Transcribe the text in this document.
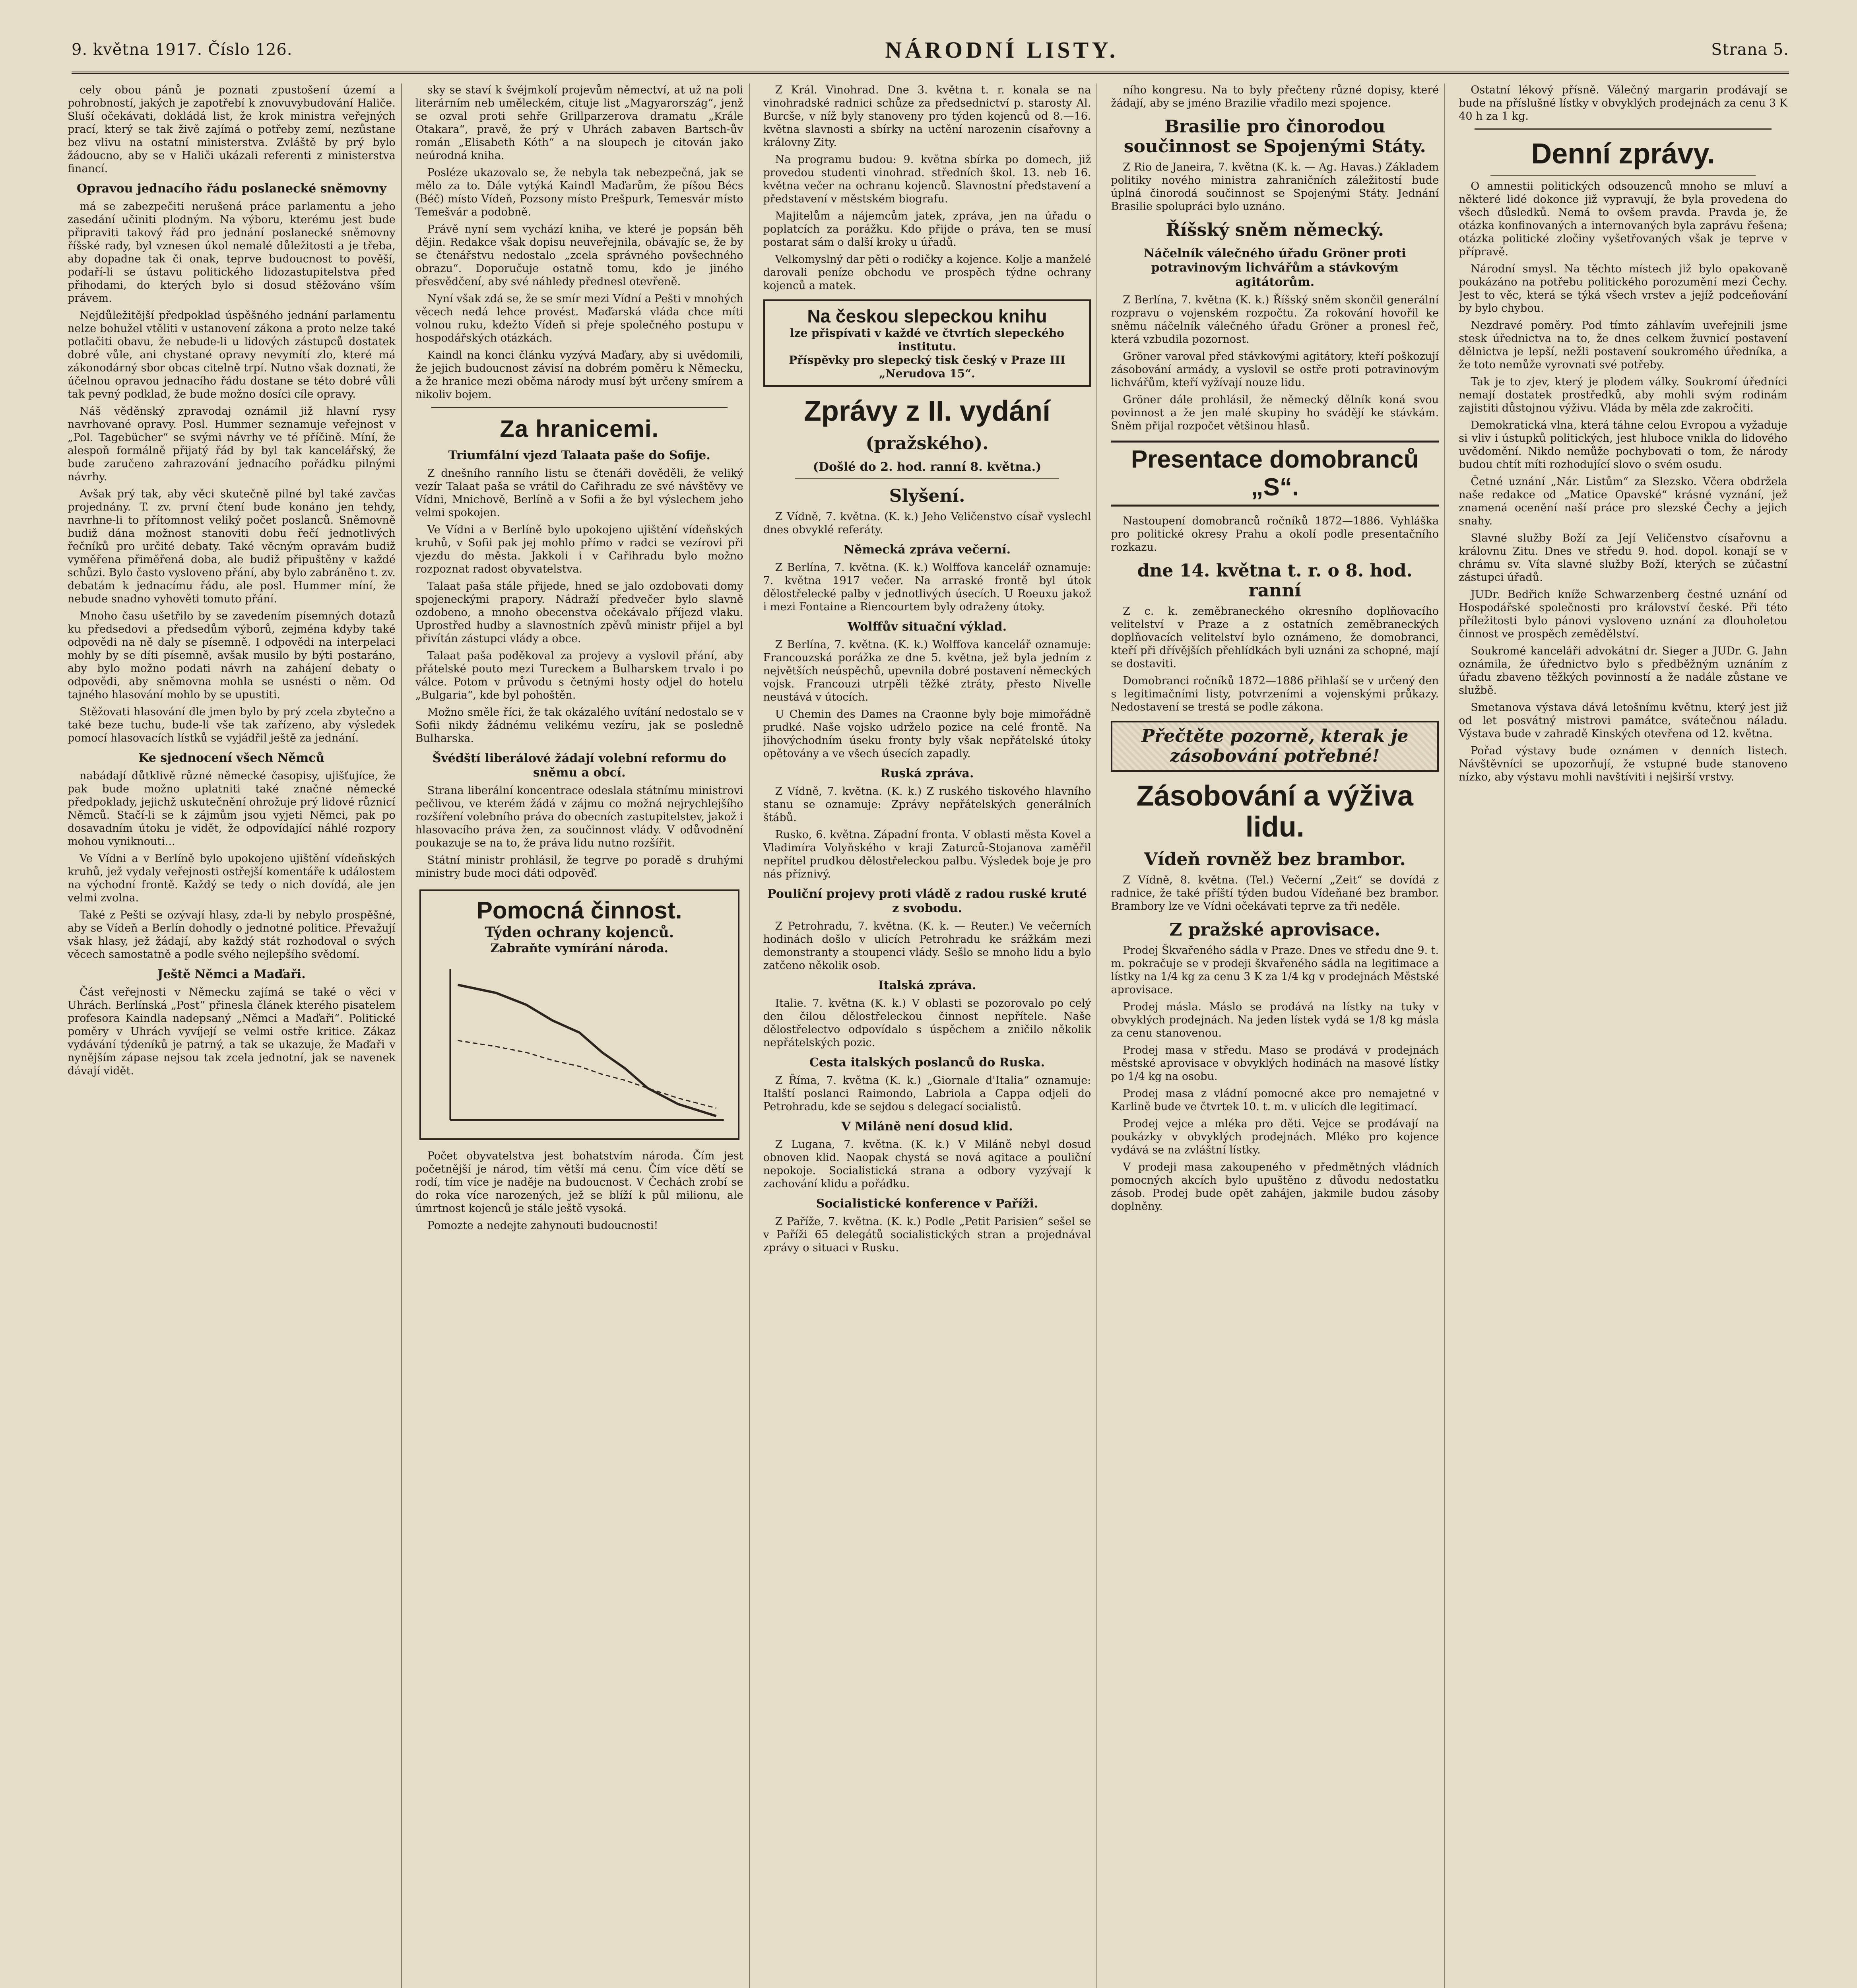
9. května 1917. Číslo 126.	NÁRODNÍ LISTY.	Strana 5.

cely obou pánů je poznati zpustošení území a pohrobností, jakých je zapotřebí k znovuvybudování Haliče. Sluší očekávati, dokládá list, že krok ministra veřejných prací, který se tak živě zajímá o potřeby zemí, nezůstane bez vlivu na ostatní ministerstva. Zvláště by prý bylo žádoucno, aby se v Haliči ukázali referenti z ministerstva financí.

Opravou jednacího řádu poslanecké sněmovny

má se zabezpečiti nerušená práce parlamentu a jeho zasedání učiniti plodným. Na výboru, kterému jest bude připraviti takový řád pro jednání poslanecké sněmovny říšské rady, byl vznesen úkol nemalé důležitosti a je třeba, aby dopadne tak či onak, teprve budoucnost to pověší, podaří-li se ústavu politického lidozastupitelstva před přihodami, do kterých bylo si dosud stěžováno vším právem.

Nejdůležitější předpoklad úspěšného jednání parlamentu nelze bohužel vtěliti v ustanovení zákona a proto nelze také potlačiti obavu, že nebude-li u lidových zástupců dostatek dobré vůle, ani chystané opravy nevymítí zlo, které má zákonodárný sbor obcas citelně trpí. Nutno však doznati, že účelnou opravou jednacího řádu dostane se této dobré vůli tak pevný podklad, že bude možno dosíci cíle opravy.

Náš věděnský zpravodaj oznámil již hlavní rysy navrhované opravy. Posl. Hummer seznamuje veřejnost v „Pol. Tagebücher“ se svými návrhy ve té příčině. Míní, že alespoň formálně přijatý řád by byl tak kancelářský, že bude zaručeno zahrazování jednacího pořádku pilnými návrhy.

Avšak prý tak, aby věci skutečně pilné byl také zavčas projednány. T. zv. první čtení bude konáno jen tehdy, navrhne-li to přítomnost veliký počet poslanců. Sněmovně budiž dána možnost stanoviti dobu řečí jednotlivých řečníků pro určité debaty. Také věcným opravám budiž vyměřena přiměřená doba, ale budiž připuštěny v každé schůzi. Bylo často vysloveno přání, aby bylo zabráněno t. zv. debatám k jednacímu řádu, ale posl. Hummer míní, že nebude snadno vyhověti tomuto přání.

Mnoho času ušetřilo by se zavedením písemných dotazů ku předsedovi a předsedům výborů, zejména kdyby také odpovědi na ně daly se písemně. I odpovědi na interpelaci mohly by se díti písemně, avšak musilo by býti postaráno, aby bylo možno podati návrh na zahájení debaty o odpovědi, aby sněmovna mohla se usnésti o něm. Od tajného hlasování mohlo by se upustiti.

Stěžovati hlasování dle jmen bylo by prý zcela zbytečno a také beze tuchu, bude-li vše tak zařízeno, aby výsledek pomocí hlasovacích lístků se vyjádřil ještě za jednání.

Ke sjednocení všech Němců

nabádají důtklivě různé německé časopisy, ujišťujíce, že pak bude možno uplatniti také značné německé předpoklady, jejichž uskutečnění ohrožuje prý lidové různicí Němců. Stačí-li se k zájmům jsou vyjeti Němci, pak po dosavadním útoku je vidět, že odpovídající náhlé rozpory mohou vyniknouti...

Ve Vídni a v Berlíně bylo upokojeno ujištění vídeňských kruhů, jež vydaly veřejnosti ostřejší komentáře k událostem na východní frontě. Každý se tedy o nich dovídá, ale jen velmi zvolna.

Také z Pešti se ozývají hlasy, zda-li by nebylo prospěšné, aby se Vídeň a Berlín dohodly o jednotné politice. Převažují však hlasy, jež žádají, aby každý stát rozhodoval o svých věcech samostatně a podle svého nejlepšího svědomí.

Ještě Němci a Maďaři.

Část veřejnosti v Německu zajímá se také o věci v Uhrách. Berlínská „Post“ přinesla článek kterého pisatelem profesora Kaindla nadepsaný „Němci a Maďaři“. Politické poměry v Uhrách vyvíjejí se velmi ostře kritice. Zákaz vydávání týdeníků je patrný, a tak se ukazuje, že Maďaři v nynějším zápase nejsou tak zcela jednotní, jak se navenek dávají vidět.

sky se staví k švéjmkolí projevům němectví, at už na poli literárním neb uměleckém, cituje list „Magyarország“, jenž se ozval proti sehře Grillparzerova dramatu „Krále Otakara“, pravě, že prý v Uhrách zabaven Bartsch-ův román „Elisabeth Kóth“ a na sloupech je citován jako neúrodná kniha.

Posléze ukazovalo se, že nebyla tak nebezpečná, jak se mělo za to. Dále vytýká Kaindl Maďarům, že píšou Bécs (Béč) místo Vídeň, Pozsony místo Prešpurk, Temesvár místo Temešvár a podobně.

Právě nyní sem vychází kniha, ve které je popsán běh dějin. Redakce však dopisu neuveřejnila, obávajíc se, že by se čtenářstvu nedostalo „zcela správného povšechného obrazu“. Doporučuje ostatně tomu, kdo je jiného přesvědčení, aby své náhledy přednesl otevřeně.

Nyní však zdá se, že se smír mezi Vídní a Pešti v mnohých věcech nedá lehce provést. Maďarská vláda chce míti volnou ruku, kdežto Vídeň si přeje společného postupu v hospodářských otázkách.

Kaindl na konci článku vyzývá Maďary, aby si uvědomili, že jejich budoucnost závisí na dobrém poměru k Německu, a že hranice mezi oběma národy musí být určeny smírem a nikoliv bojem.

Za hranicemi.
Triumfální vjezd Talaata paše do Sofije.

Z dnešního ranního listu se čtenáři dověděli, že veliký vezír Talaat paša se vrátil do Cařihradu ze své návštěvy ve Vídni, Mnichově, Berlíně a v Sofii a že byl výslechem jeho velmi spokojen.

Ve Vídni a v Berlíně bylo upokojeno ujištění vídeňských kruhů, v Sofii pak jej mohlo přímo v radci se vezírovi při vjezdu do města. Jakkoli i v Cařihradu bylo možno rozpoznat radost obyvatelstva.

Talaat paša stále přijede, hned se jalo ozdobovati domy spojeneckými prapory. Nádraží předvečer bylo slavně ozdobeno, a mnoho obecenstva očekávalo příjezd vlaku. Uprostřed hudby a slavnostních zpěvů ministr přijel a byl přivítán zástupci vlády a obce.

Talaat paša poděkoval za projevy a vyslovil přání, aby přátelské pouto mezi Tureckem a Bulharskem trvalo i po válce. Potom v průvodu s četnými hosty odjel do hotelu „Bulgaria“, kde byl pohoštěn.

Možno směle říci, že tak okázalého uvítání nedostalo se v Sofii nikdy žádnému velikému vezíru, jak se posledně Bulharska.

Švédští liberálové žádají volební reformu do sněmu a obcí.

Strana liberální koncentrace odeslala státnímu ministrovi pečlivou, ve kterém žádá v zájmu co možná nejrychlejšího rozšíření volebního práva do obecních zastupitelstev, jakož i hlasovacího práva žen, za součinnost vlády. V odůvodnění poukazuje se na to, že práva lidu nutno rozšířit.

Státní ministr prohlásil, že tegrve po poradě s druhými ministry bude moci dáti odpověď.

Pomocná činnost.
Týden ochrany kojenců.
Zabraňte vymírání národa.

Počet obyvatelstva jest bohatstvím národa. Čím jest početnější je národ, tím větší má cenu. Čím více dětí se rodí, tím více je naděje na budoucnost. V Čechách zrobí se do roka více narozených, jež se blíží k půl milionu, ale úmrtnost kojenců je stále ještě vysoká.

Pomozte a nedejte zahynouti budoucnosti!

Z Král. Vinohrad. Dne 3. května t. r. konala se na vinohradské radnici schůze za předsednictví p. starosty Al. Burcše, v níž byly stanoveny pro týden kojenců od 8.—16. května slavnosti a sbírky na uctění narozenin císařovny a královny Zity.

Na programu budou: 9. května sbírka po domech, již provedou studenti vinohrad. středních škol. 13. neb 16. května večer na ochranu kojenců. Slavnostní představení a představení v městském biografu.

Majitelům a nájemcům jatek, zpráva, jen na úřadu o poplatcích za porážku. Kdo přijde o práva, ten se musí postarat sám o další kroky u úřadů.

Velkomyslný dar pěti o rodičky a kojence. Kolje a manželé darovali peníze obchodu ve prospěch týdne ochrany kojenců a matek.

Na českou slepeckou knihu
lze přispívati v každé ve čtvrtích slepeckého institutu.
Příspěvky pro slepecký tisk český v Praze III „Nerudova 15“.
Zprávy z II. vydání
(pražského).
(Došlé do 2. hod. ranní 8. května.)
Slyšení.

Z Vídně, 7. května. (K. k.) Jeho Veličenstvo císař vyslechl dnes obvyklé referáty.

Německá zpráva večerní.

Z Berlína, 7. května. (K. k.) Wolffova kancelář oznamuje: 7. května 1917 večer. Na arraské frontě byl útok dělostřelecké palby v jednotlivých úsecích. U Roeuxu jakož i mezi Fontaine a Riencourtem byly odraženy útoky.

Wolffův situační výklad.

Z Berlína, 7. května. (K. k.) Wolffova kancelář oznamuje: Francouzská porážka ze dne 5. května, jež byla jedním z největších neúspěchů, upevnila dobré postavení německých vojsk. Francouzi utrpěli těžké ztráty, přesto Nivelle neustává v útocích.

U Chemin des Dames na Craonne byly boje mimořádně prudké. Naše vojsko udrželo pozice na celé frontě. Na jihovýchodním úseku fronty byly však nepřátelské útoky opětovány a ve všech úsecích zapadly.

Ruská zpráva.

Z Vídně, 7. května. (K. k.) Z ruského tiskového hlavního stanu se oznamuje: Zprávy nepřátelských generálních štábů.

Rusko, 6. května. Západní fronta. V oblasti města Kovel a Vladimíra Volyňského v kraji Zaturců-Stojanova zaměřil nepřítel prudkou dělostřeleckou palbu. Výsledek boje je pro nás příznivý.

Pouliční projevy proti vládě z radou ruské kruté z svobodu.

Z Petrohradu, 7. května. (K. k. — Reuter.) Ve večerních hodinách došlo v ulicích Petrohradu ke srážkám mezi demonstranty a stoupenci vlády. Sešlo se mnoho lidu a bylo zatčeno několik osob.

Italská zpráva.

Italie. 7. května (K. k.) V oblasti se pozorovalo po celý den čilou dělostřeleckou činnost nepřítele. Naše dělostřelectvo odpovídalo s úspěchem a zničilo několik nepřátelských pozic.

Cesta italských poslanců do Ruska.

Z Říma, 7. května (K. k.) „Giornale d'Italia“ oznamuje: Italští poslanci Raimondo, Labriola a Cappa odjeli do Petrohradu, kde se sejdou s delegací socialistů.

V Miláně není dosud klid.

Z Lugana, 7. května. (K. k.) V Miláně nebyl dosud obnoven klid. Naopak chystá se nová agitace a pouliční nepokoje. Socialistická strana a odbory vyzývají k zachování klidu a pořádku.

Socialistické konference v Paříži.

Z Paříže, 7. května. (K. k.) Podle „Petit Parisien“ sešel se v Paříži 65 delegátů socialistických stran a projednával zprávy o situaci v Rusku.

ního kongresu. Na to byly přečteny různé dopisy, které žádají, aby se jméno Brazilie vřadilo mezi spojence.

Brasilie pro činorodou součinnost se Spojenými Státy.

Z Rio de Janeira, 7. května (K. k. — Ag. Havas.) Základem politiky nového ministra zahraničních záležitostí bude úplná činorodá součinnost se Spojenými Státy. Jednání Brasilie spolupráci bylo uznáno.

Říšský sněm německý.
Náčelník válečného úřadu Gröner proti potravinovým lichvářům a stávkovým agitátorům.

Z Berlína, 7. května (K. k.) Říšský sněm skončil generální rozpravu o vojenském rozpočtu. Za rokování hovořil ke sněmu náčelník válečného úřadu Gröner a pronesl řeč, která vzbudila pozornost.

Gröner varoval před stávkovými agitátory, kteří poškozují zásobování armády, a vyslovil se ostře proti potravinovým lichvářům, kteří vyžívají nouze lidu.

Gröner dále prohlásil, že německý dělník koná svou povinnost a že jen malé skupiny ho svádějí ke stávkám. Sněm přijal rozpočet většinou hlasů.

Presentace domobranců „S“.

Nastoupení domobranců ročníků 1872—1886. Vyhláška pro politické okresy Prahu a okolí podle presentačního rozkazu.

dne 14. května t. r. o 8. hod. ranní

Z c. k. zeměbraneckého okresního doplňovacího velitelství v Praze a z ostatních zeměbraneckých doplňovacích velitelství bylo oznámeno, že domobranci, kteří při dřívějších přehlídkách byli uznáni za schopné, mají se dostaviti.

Domobranci ročníků 1872—1886 přihlaší se v určený den s legitimačními listy, potvrzeními a vojenskými průkazy. Nedostavení se trestá se podle zákona.

Přečtěte pozorně, kterak je zásobování potřebné!
Zásobování a výživa lidu.
Vídeň rovněž bez brambor.

Z Vídně, 8. května. (Tel.) Večerní „Zeit“ se dovídá z radnice, že také příští týden budou Vídeňané bez brambor. Brambory lze ve Vídni očekávati teprve za tři neděle.

Z pražské aprovisace.

Prodej Škvařeného sádla v Praze. Dnes ve středu dne 9. t. m. pokračuje se v prodeji škvařeného sádla na legitimace a lístky na 1/4 kg za cenu 3 K za 1/4 kg v prodejnách Městské aprovisace.

Prodej másla. Máslo se prodává na lístky na tuky v obvyklých prodejnách. Na jeden lístek vydá se 1/8 kg másla za cenu stanovenou.

Prodej masa v středu. Maso se prodává v prodejnách městské aprovisace v obvyklých hodinách na masové lístky po 1/4 kg na osobu.

Prodej masa z vládní pomocné akce pro nemajetné v Karlině bude ve čtvrtek 10. t. m. v ulicích dle legitimací.

Prodej vejce a mléka pro děti. Vejce se prodávají na poukázky v obvyklých prodejnách. Mléko pro kojence vydává se na zvláštní lístky.

V prodeji masa zakoupeného v předmětných vládních pomocných akcích bylo upuštěno z důvodu nedostatku zásob. Prodej bude opět zahájen, jakmile budou zásoby doplněny.

Ostatní lékový přísně. Válečný margarin prodávají se bude na příslušné lístky v obvyklých prodejnách za cenu 3 K 40 h za 1 kg.

Denní zprávy.

O amnestii politických odsouzenců mnoho se mluví a některé lidé dokonce již vypravují, že byla provedena do všech důsledků. Nemá to ovšem pravda. Pravda je, že otázka konfinovaných a internovaných byla zaprávu řešena; otázka politické zločiny vyšetřovaných však je teprve v přípravě.

Národní smysl. Na těchto místech již bylo opakovaně poukázáno na potřebu politického porozumění mezi Čechy. Jest to věc, která se týká všech vrstev a jejíž podceňování by bylo chybou.

Nezdravé poměry. Pod tímto záhlavím uveřejnili jsme stesk úřednictva na to, že dnes celkem žuvnicí postavení dělnictva je lepší, nežli postavení soukromého úředníka, a že toto nemůže vyrovnati své potřeby.

Tak je to zjev, který je plodem války. Soukromí úředníci nemají dostatek prostředků, aby mohli svým rodinám zajistiti důstojnou výživu. Vláda by měla zde zakročiti.

Demokratická vlna, která táhne celou Evropou a vyžaduje si vliv i ústupků politických, jest hluboce vnikla do lidového uvědomění. Nikdo nemůže pochybovati o tom, že národy budou chtít míti rozhodující slovo o svém osudu.

Četné uznání „Nár. Listům“ za Slezsko. Včera obdržela naše redakce od „Matice Opavské“ krásné vyznání, jež znamená ocenění naší práce pro slezské Čechy a jejich snahy.

Slavné služby Boží za Její Veličenstvo císařovnu a královnu Zitu. Dnes ve středu 9. hod. dopol. konají se v chrámu sv. Víta slavné služby Boží, kterých se zúčastní zástupci úřadů.

JUDr. Bedřich kníže Schwarzenberg čestné uznání od Hospodářské společnosti pro království české. Při této příležitosti bylo pánovi vysloveno uznání za dlouholetou činnost ve prospěch zemědělství.

Soukromé kanceláři advokátní dr. Sieger a JUDr. G. Jahn oznámila, že úřednictvo bylo s předběžným uznáním z úřadu zbaveno těžkých povinností a že nadále zůstane ve službě.

Smetanova výstava dává letošnímu květnu, který jest již od let posvátný mistrovi památce, svátečnou náladu. Výstava bude v zahradě Kinských otevřena od 12. května.

Pořad výstavy bude oznámen v denních listech. Návštěvníci se upozorňují, že vstupné bude stanoveno nízko, aby výstavu mohli navštíviti i nejširší vrstvy.
